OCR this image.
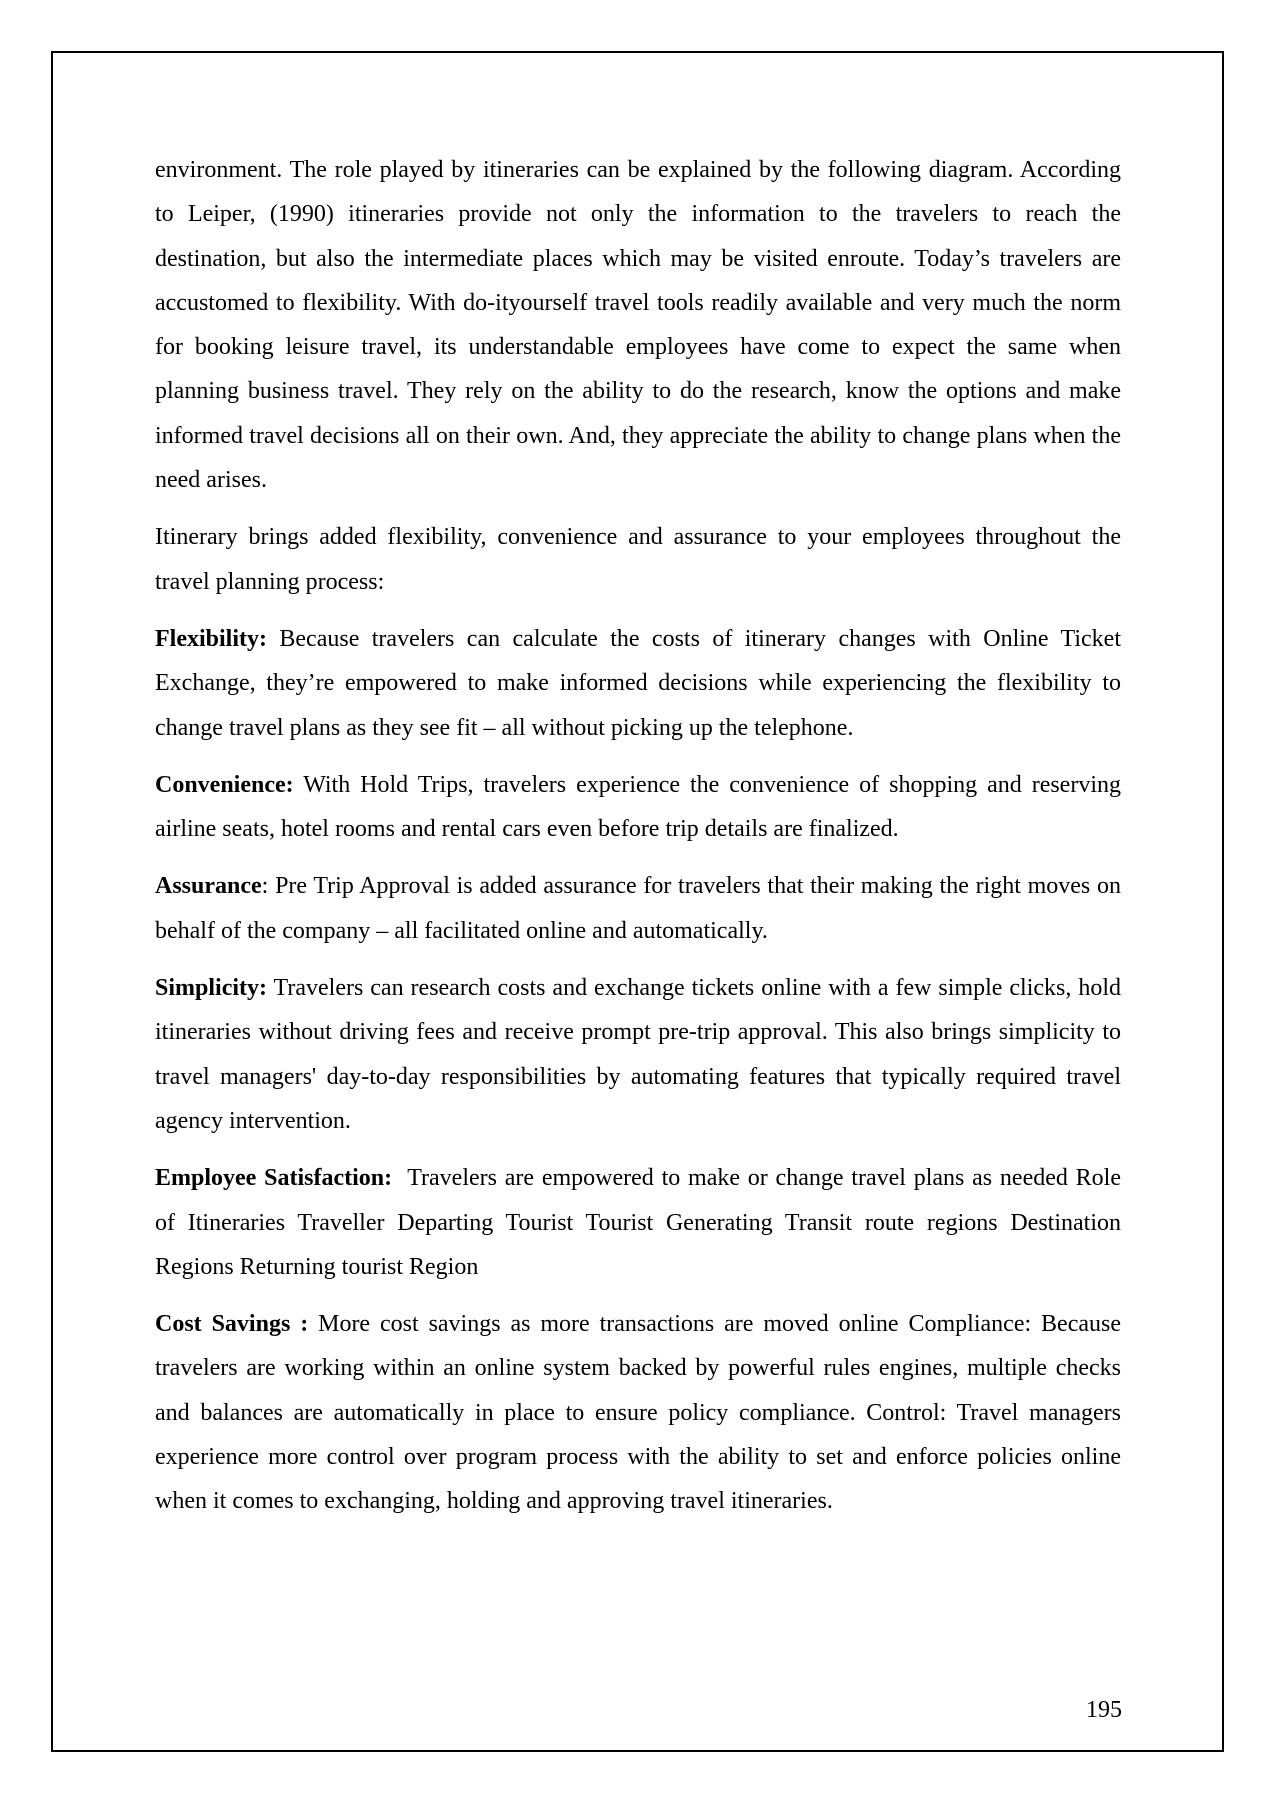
environment. The role played by itineraries can be explained by the following diagram. According to Leiper, (1990) itineraries provide not only the information to the travelers to reach the destination, but also the intermediate places which may be visited enroute. Today’s travelers are accustomed to flexibility. With do-ityourself travel tools readily available and very much the norm for booking leisure travel, its understandable employees have come to expect the same when planning business travel. They rely on the ability to do the research, know the options and make informed travel decisions all on their own. And, they appreciate the ability to change plans when the need arises.

Itinerary brings added flexibility, convenience and assurance to your employees throughout the travel planning process:

Flexibility: Because travelers can calculate the costs of itinerary changes with Online Ticket Exchange, they’re empowered to make informed decisions while experiencing the flexibility to change travel plans as they see fit – all without picking up the telephone.

Convenience: With Hold Trips, travelers experience the convenience of shopping and reserving airline seats, hotel rooms and rental cars even before trip details are finalized.

Assurance: Pre Trip Approval is added assurance for travelers that their making the right moves on behalf of the company – all facilitated online and automatically.

Simplicity: Travelers can research costs and exchange tickets online with a few simple clicks, hold itineraries without driving fees and receive prompt pre-trip approval. This also brings simplicity to travel managers' day-to-day responsibilities by automating features that typically required travel agency intervention.

Employee Satisfaction:  Travelers are empowered to make or change travel plans as needed Role of Itineraries Traveller Departing Tourist Tourist Generating Transit route regions Destination Regions Returning tourist Region

Cost Savings : More cost savings as more transactions are moved online Compliance: Because travelers are working within an online system backed by powerful rules engines, multiple checks and balances are automatically in place to ensure policy compliance. Control: Travel managers experience more control over program process with the ability to set and enforce policies online when it comes to exchanging, holding and approving travel itineraries.

195
